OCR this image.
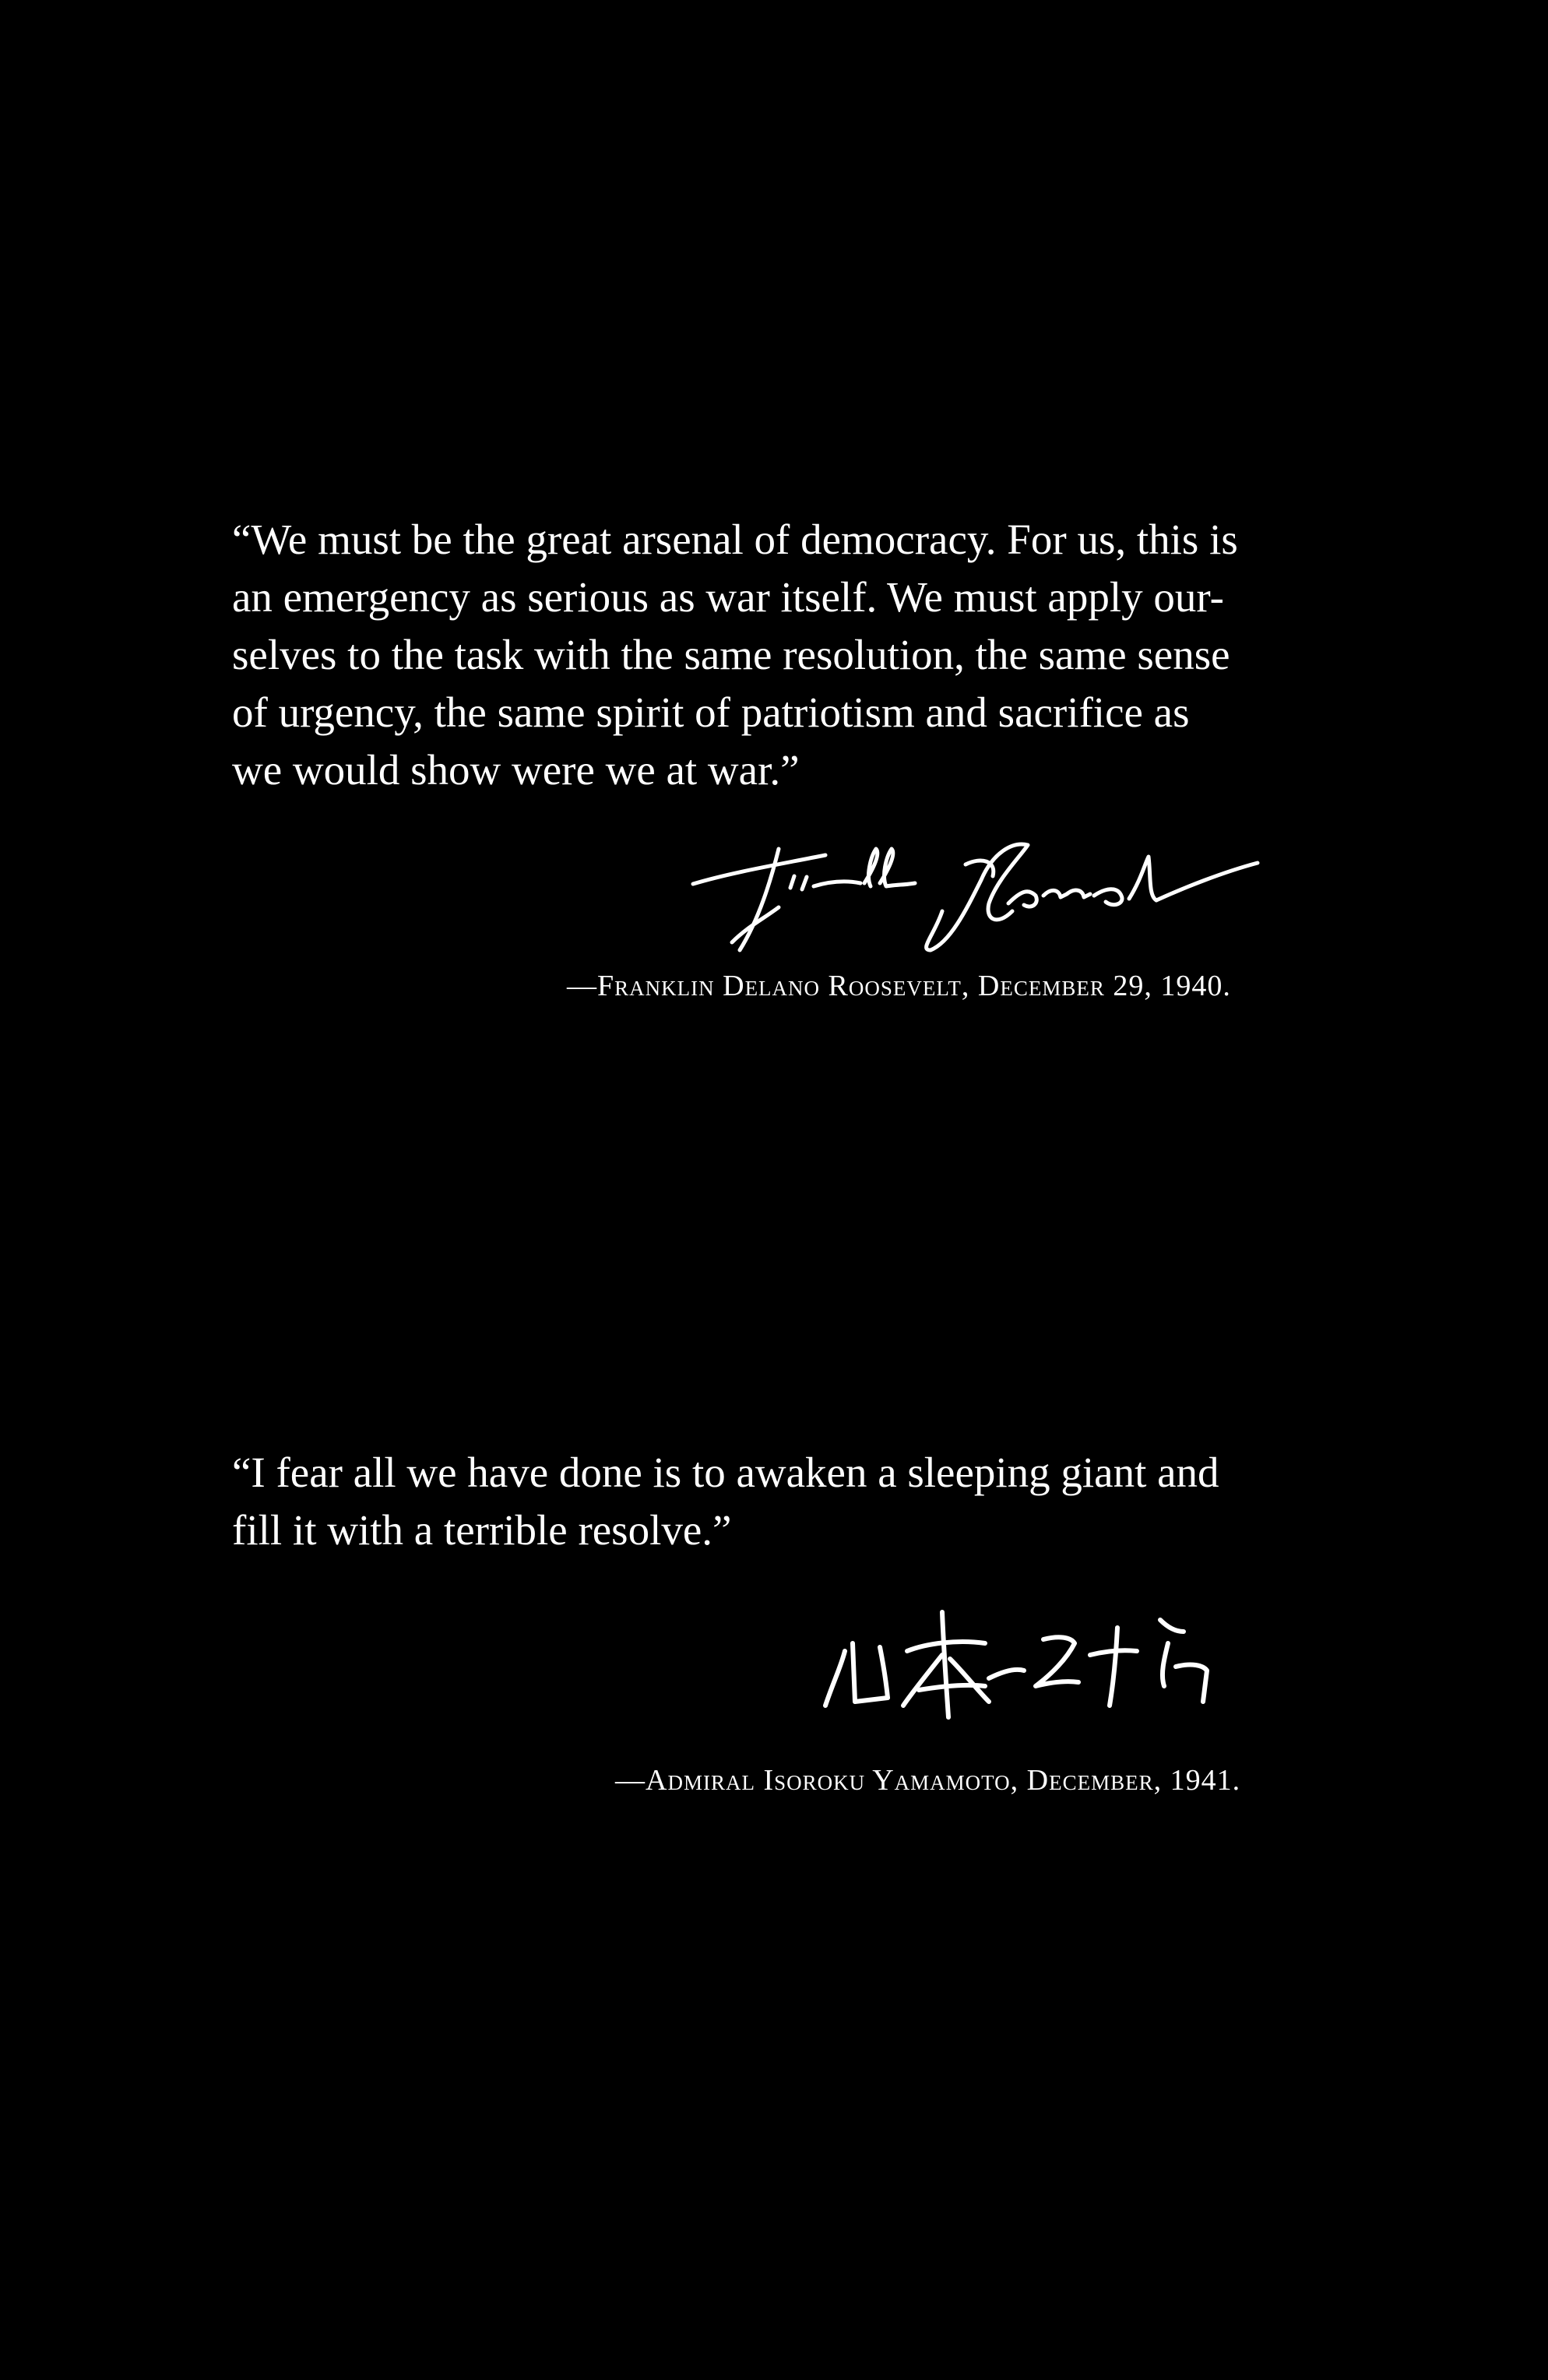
“We must be the great arsenal of democracy. For us, this is
an emergency as serious as war itself. We must apply our-
selves to the task with the same resolution, the same sense
of urgency, the same spirit of patriotism and sacrifice as
we would show were we at war.”

—Franklin Delano Roosevelt, December 29, 1940.

“I fear all we have done is to awaken a sleeping giant and
fill it with a terrible resolve.”

—Admiral Isoroku Yamamoto, December, 1941.
